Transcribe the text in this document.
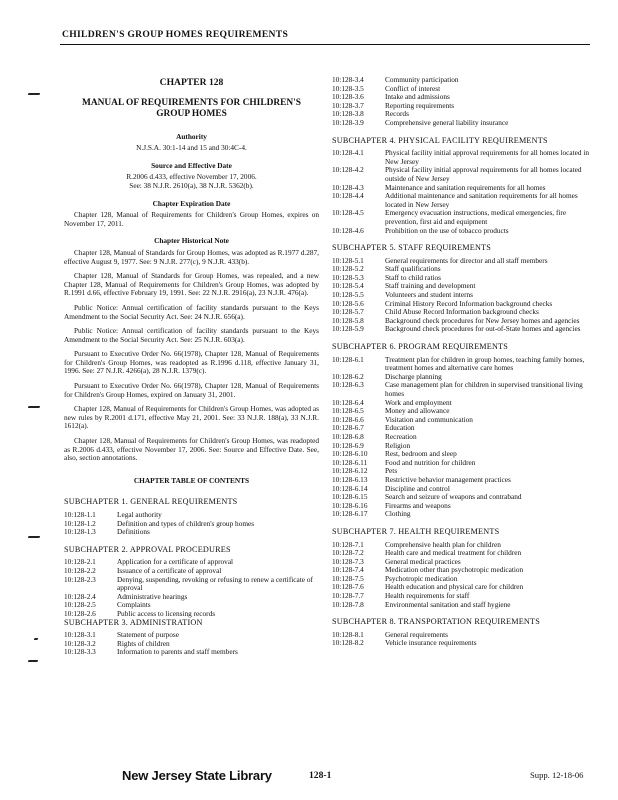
CHILDREN'S GROUP HOMES REQUIREMENTS
CHAPTER 128
MANUAL OF REQUIREMENTS FOR CHILDREN'S GROUP HOMES
Authority

N.J.S.A. 30:1-14 and 15 and 30:4C-4.

Source and Effective Date

R.2006 d.433, effective November 17, 2006.

See: 38 N.J.R. 2610(a), 38 N.J.R. 5362(b).

Chapter Expiration Date

Chapter 128, Manual of Requirements for Children's Group Homes, expires on November 17, 2011.

Chapter Historical Note

Chapter 128, Manual of Standards for Group Homes, was adopted as R.1977 d.287, effective August 9, 1977. See: 9 N.J.R. 277(c), 9 N.J.R. 433(b).

Chapter 128, Manual of Standards for Group Homes, was repealed, and a new Chapter 128, Manual of Requirements for Children's Group Homes, was adopted by R.1991 d.66, effective February 19, 1991. See: 22 N.J.R. 2916(a), 23 N.J.R. 476(a).

Public Notice: Annual certification of facility standards pursuant to the Keys Amendment to the Social Security Act. See: 24 N.J.R. 656(a).

Public Notice: Annual certification of facility standards pursuant to the Keys Amendment to the Social Security Act. See: 25 N.J.R. 603(a).

Pursuant to Executive Order No. 66(1978), Chapter 128, Manual of Requirements for Children's Group Homes, was readopted as R.1996 d.118, effective January 31, 1996. See: 27 N.J.R. 4266(a), 28 N.J.R. 1379(c).

Pursuant to Executive Order No. 66(1978), Chapter 128, Manual of Requirements for Children's Group Homes, expired on January 31, 2001.

Chapter 128, Manual of Requirements for Children's Group Homes, was adopted as new rules by R.2001 d.171, effective May 21, 2001. See: 33 N.J.R. 188(a), 33 N.J.R. 1612(a).

Chapter 128, Manual of Requirements for Children's Group Homes, was readopted as R.2006 d.433, effective November 17, 2006. See: Source and Effective Date. See, also, section annotations.

CHAPTER TABLE OF CONTENTS
SUBCHAPTER 1. GENERAL REQUIREMENTS
10:128-1.1	Legal authority
10:128-1.2	Definition and types of children's group homes
10:128-1.3	Definitions
SUBCHAPTER 2. APPROVAL PROCEDURES
10:128-2.1	Application for a certificate of approval
10:128-2.2	Issuance of a certificate of approval
10:128-2.3	Denying, suspending, revoking or refusing to renew a certificate of approval
10:128-2.4	Administrative hearings
10:128-2.5	Complaints
10:128-2.6	Public access to licensing records
SUBCHAPTER 3. ADMINISTRATION
10:128-3.1	Statement of purpose
10:128-3.2	Rights of children
10:128-3.3	Information to parents and staff members
10:128-3.4	Community participation
10:128-3.5	Conflict of interest
10:128-3.6	Intake and admissions
10:128-3.7	Reporting requirements
10:128-3.8	Records
10:128-3.9	Comprehensive general liability insurance
SUBCHAPTER 4. PHYSICAL FACILITY REQUIREMENTS
10:128-4.1	Physical facility initial approval requirements for all homes located in New Jersey
10:128-4.2	Physical facility initial approval requirements for all homes located outside of New Jersey
10:128-4.3	Maintenance and sanitation requirements for all homes
10:128-4.4	Additional maintenance and sanitation requirements for all homes located in New Jersey
10:128-4.5	Emergency evacuation instructions, medical emergencies, fire prevention, first aid and equipment
10:128-4.6	Prohibition on the use of tobacco products
SUBCHAPTER 5. STAFF REQUIREMENTS
10:128-5.1	General requirements for director and all staff members
10:128-5.2	Staff qualifications
10:128-5.3	Staff to child ratios
10:128-5.4	Staff training and development
10:128-5.5	Volunteers and student interns
10:128-5.6	Criminal History Record Information background checks
10:128-5.7	Child Abuse Record Information background checks
10:128-5.8	Background check procedures for New Jersey homes and agencies
10:128-5.9	Background check procedures for out-of-State homes and agencies
SUBCHAPTER 6. PROGRAM REQUIREMENTS
10:128-6.1	Treatment plan for children in group homes, teaching family homes, treatment homes and alternative care homes
10:128-6.2	Discharge planning
10:128-6.3	Case management plan for children in supervised transitional living homes
10:128-6.4	Work and employment
10:128-6.5	Money and allowance
10:128-6.6	Visitation and communication
10:128-6.7	Education
10:128-6.8	Recreation
10:128-6.9	Religion
10:128-6.10	Rest, bedroom and sleep
10:128-6.11	Food and nutrition for children
10:128-6.12	Pets
10:128-6.13	Restrictive behavior management practices
10:128-6.14	Discipline and control
10:128-6.15	Search and seizure of weapons and contraband
10:128-6.16	Firearms and weapons
10:128-6.17	Clothing
SUBCHAPTER 7. HEALTH REQUIREMENTS
10:128-7.1	Comprehensive health plan for children
10:128-7.2	Health care and medical treatment for children
10:128-7.3	General medical practices
10:128-7.4	Medication other than psychotropic medication
10:128-7.5	Psychotropic medication
10:128-7.6	Health education and physical care for children
10:128-7.7	Health requirements for staff
10:128-7.8	Environmental sanitation and staff hygiene
SUBCHAPTER 8. TRANSPORTATION REQUIREMENTS
10:128-8.1	General requirements
10:128-8.2	Vehicle insurance requirements
New Jersey State Library	128-1	Supp. 12-18-06
